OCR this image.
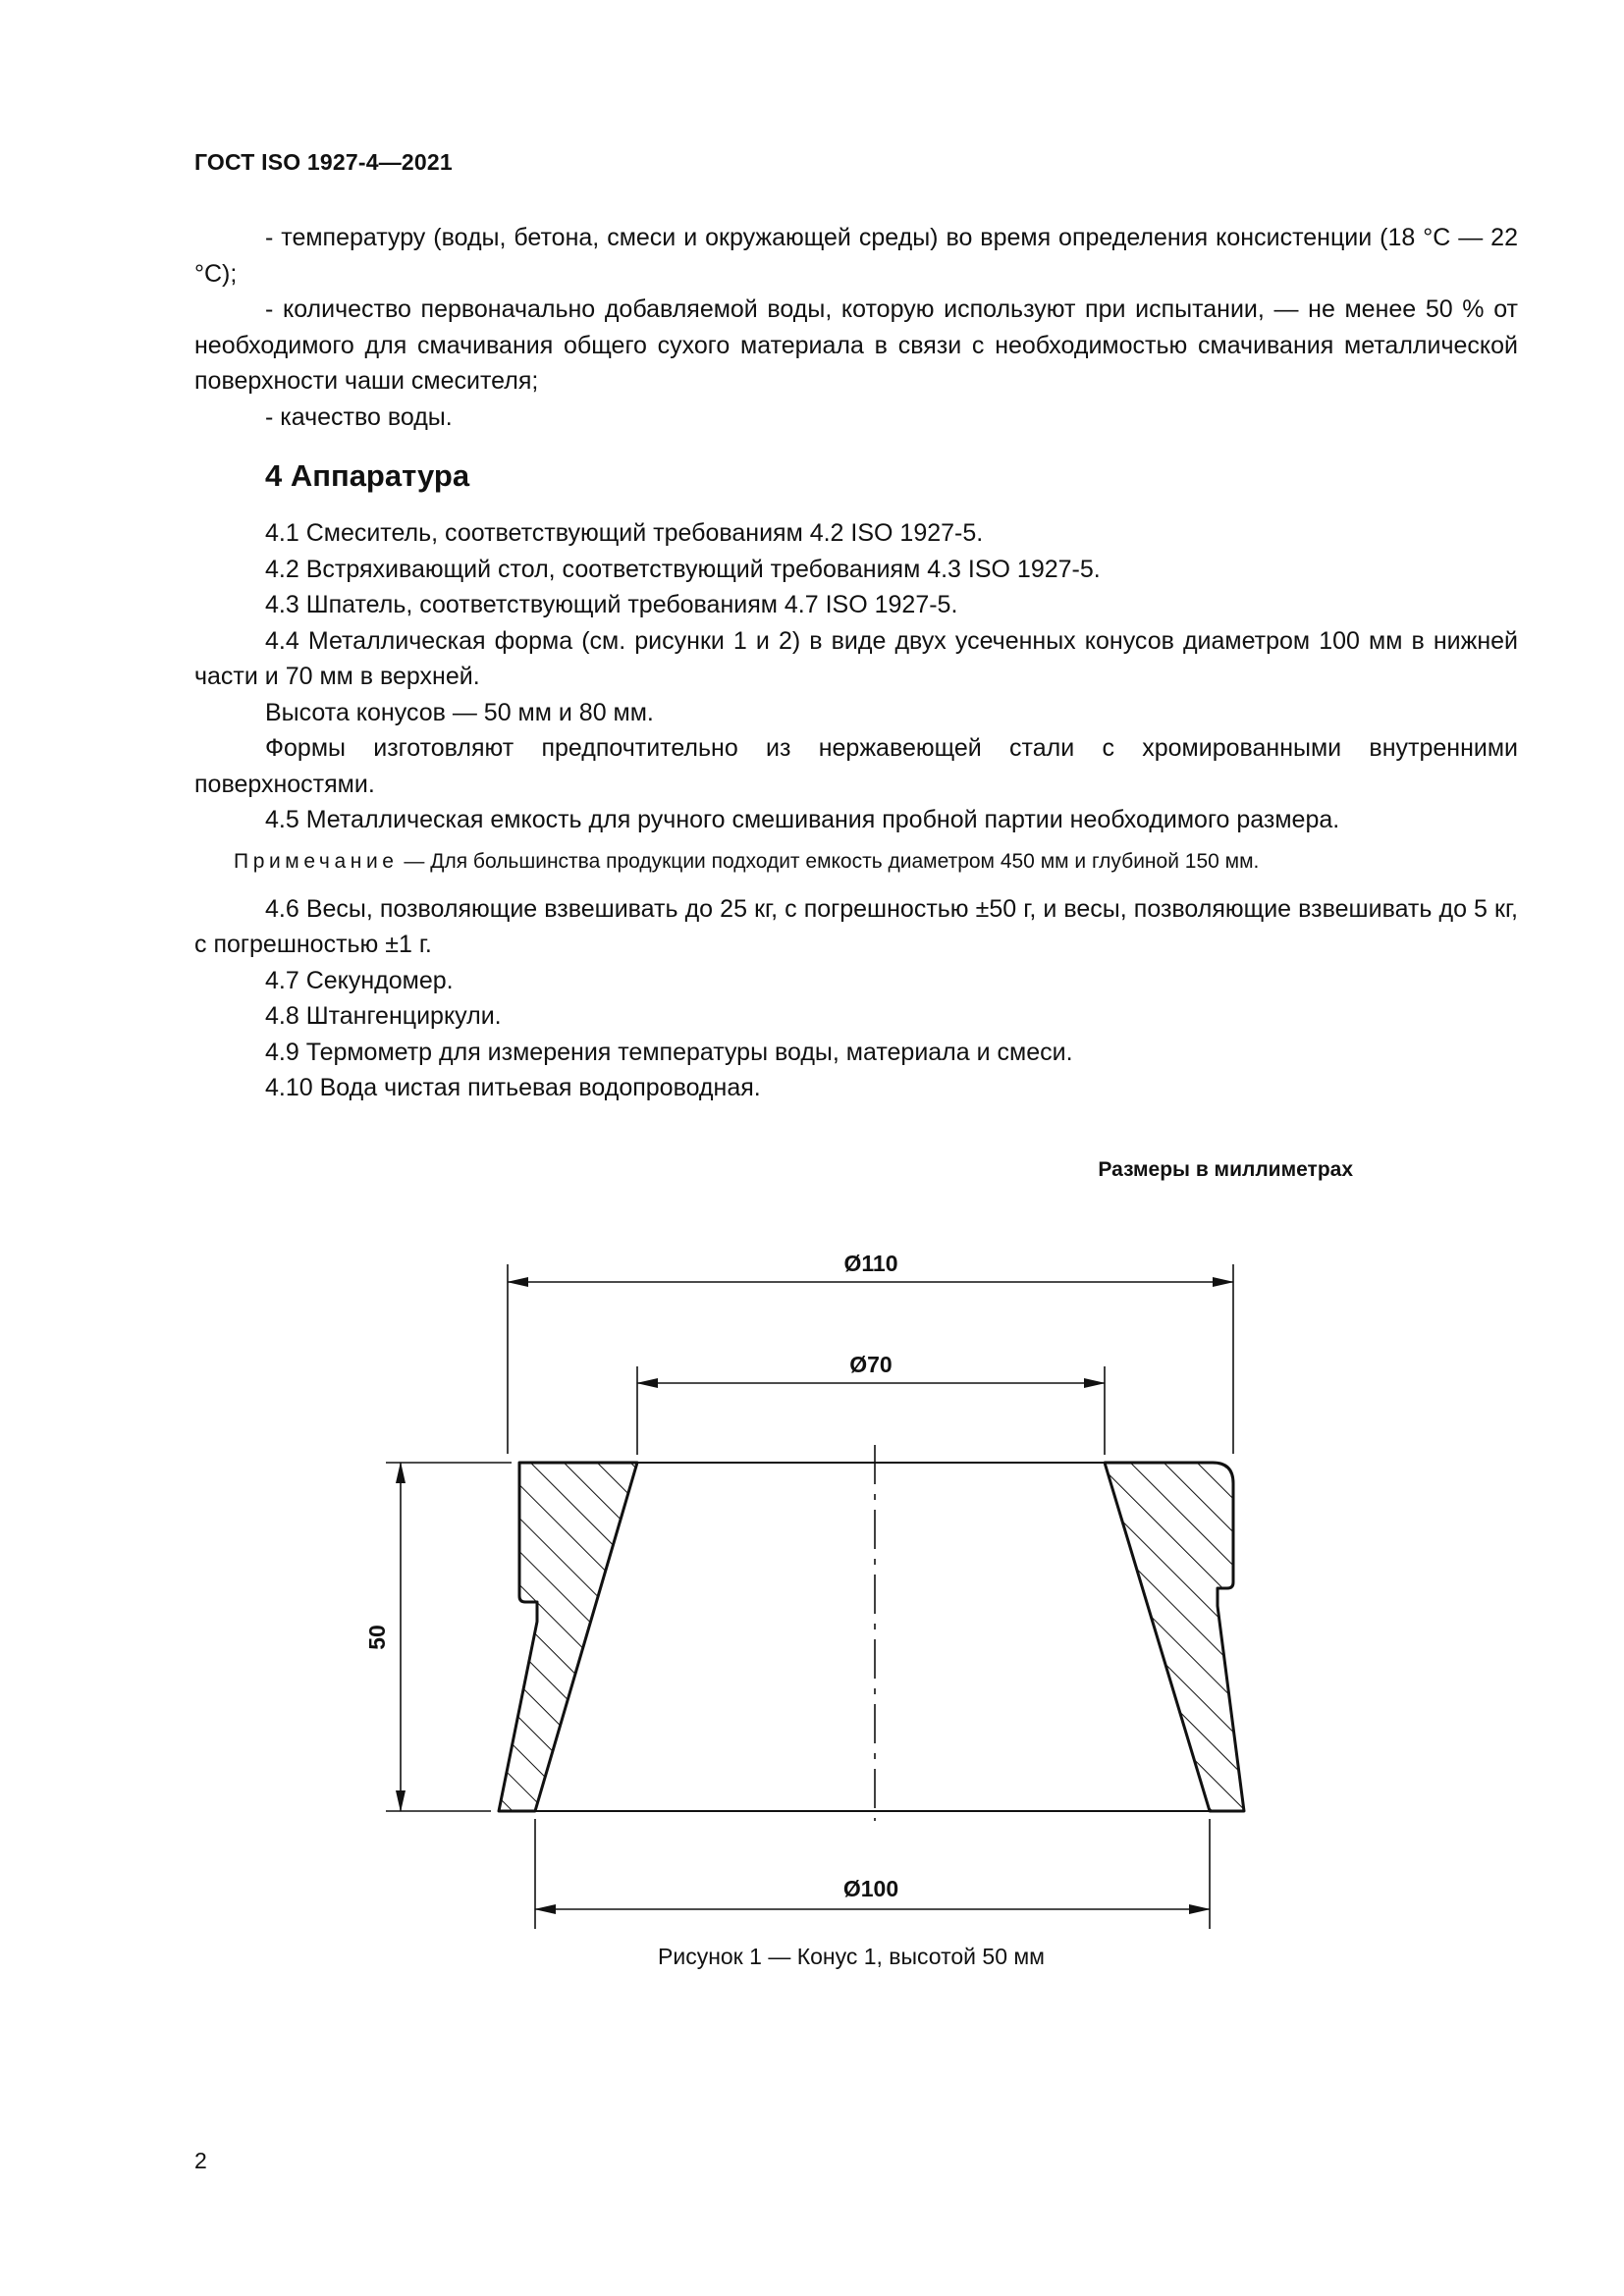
ГОСТ ISO 1927-4—2021

- температуру (воды, бетона, смеси и окружающей среды) во время определения консистенции (18 °С — 22 °С);

- количество первоначально добавляемой воды, которую используют при испытании, — не менее 50 % от необходимого для смачивания общего сухого материала в связи с необходимостью смачивания металлической поверхности чаши смесителя;

- качество воды.

4 Аппаратура

4.1 Смеситель, соответствующий требованиям 4.2 ISO 1927-5.

4.2 Встряхивающий стол, соответствующий требованиям 4.3 ISO 1927-5.

4.3 Шпатель, соответствующий требованиям 4.7 ISO 1927-5.

4.4 Металлическая форма (см. рисунки 1 и 2) в виде двух усеченных конусов диаметром 100 мм в нижней части и 70 мм в верхней.

Высота конусов — 50 мм и 80 мм.

Формы изготовляют предпочтительно из нержавеющей стали с хромированными внутренними поверхностями.

4.5 Металлическая емкость для ручного смешивания пробной партии необходимого размера.

Примечание — Для большинства продукции подходит емкость диаметром 450 мм и глубиной 150 мм.

4.6 Весы, позволяющие взвешивать до 25 кг, с погрешностью ±50 г, и весы, позволяющие взвешивать до 5 кг, с погрешностью ±1 г.

4.7 Секундомер.

4.8 Штангенциркули.

4.9 Термометр для измерения температуры воды, материала и смеси.

4.10 Вода чистая питьевая водопроводная.

Размеры в миллиметрах
Ø110
Ø70
50
Ø100
Рисунок 1 — Конус 1, высотой 50 мм
2
